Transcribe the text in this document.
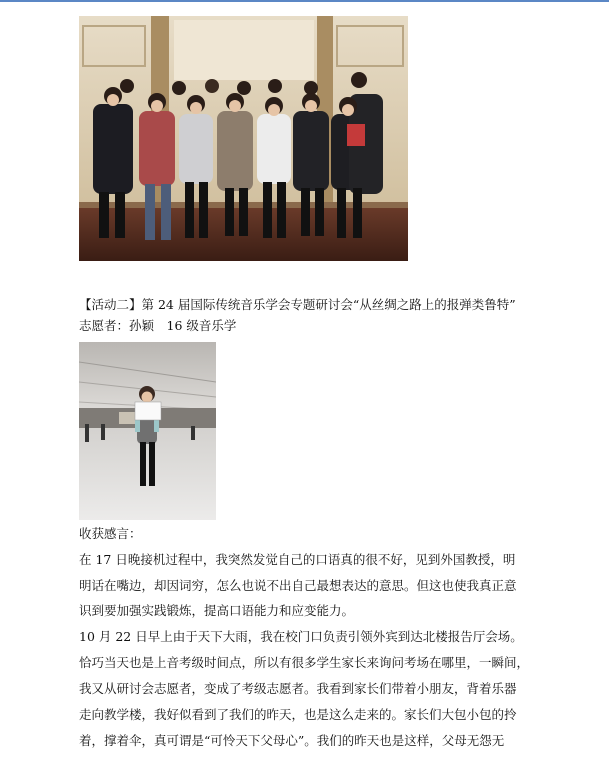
【活动二】第 24 届国际传统音乐学会专题研讨会“从丝绸之路上的报弹类鲁特”
志愿者：孙颖　16 级音乐学
收获感言：
在 17 日晚接机过程中，我突然发觉自己的口语真的很不好，见到外国教授，明
明话在嘴边，却因词穷，怎么也说不出自己最想表达的意思。但这也使我真正意
识到要加强实践锻炼，提高口语能力和应变能力。
10 月 22 日早上由于天下大雨，我在校门口负责引领外宾到达北楼报告厅会场。
恰巧当天也是上音考级时间点，所以有很多学生家长来询问考场在哪里，一瞬间，
我又从研讨会志愿者，变成了考级志愿者。我看到家长们带着小朋友，背着乐器
走向教学楼，我好似看到了我们的昨天，也是这么走来的。家长们大包小包的拎
着，撑着伞，真可谓是“可怜天下父母心”。我们的昨天也是这样，父母无怨无
